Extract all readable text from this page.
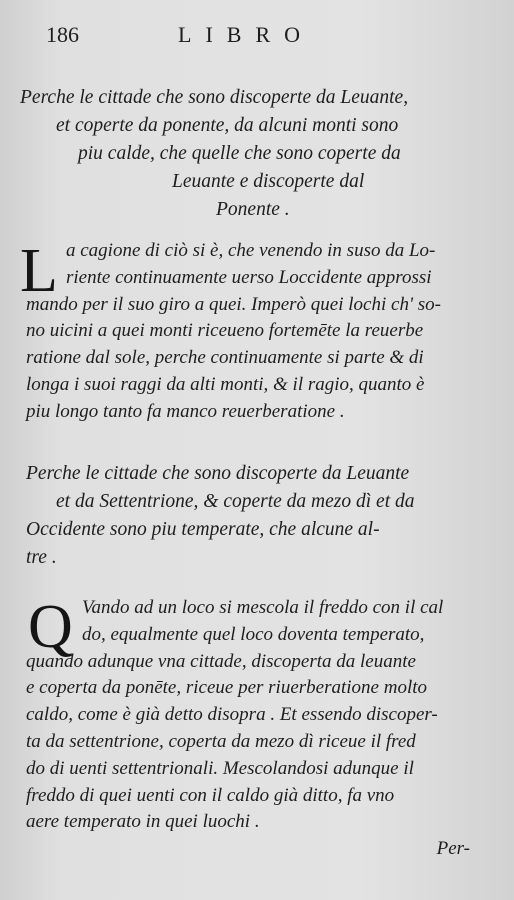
186	LIBRO
Perche le cittade che sono discoperte da Leuante,
et coperte da ponente, da alcuni monti sono
piu calde, che quelle che sono coperte da
Leuante e discoperte dal
Ponente .
L a cagione di ciò si è, che venendo in suso da Lo-
riente continuamente uerso Loccidente approssi
mando per il suo giro a quei. Imperò quei lochi ch' so-
no uicini a quei monti riceueno fortemēte la reuerbe
ratione dal sole, perche continuamente si parte & di
longa i suoi raggi da alti monti, & il ragio, quanto è
piu longo tanto fa manco reuerberatione .
Perche le cittade che sono discoperte da Leuante
et da Settentrione, & coperte da mezo dì et da
Occidente sono piu temperate, che alcune al-
tre .
Q Vando ad un loco si mescola il freddo con il cal
do, equalmente quel loco doventa temperato,
quando adunque vna cittade, discoperta da leuante
e coperta da ponēte, riceue per riuerberatione molto
caldo, come è già detto disopra . Et essendo discoper-
ta da settentrione, coperta da mezo dì riceue il fred
do di uenti settentrionali. Mescolandosi adunque il
freddo di quei uenti con il caldo già ditto, fa vno
aere temperato in quei luochi .
Per-
